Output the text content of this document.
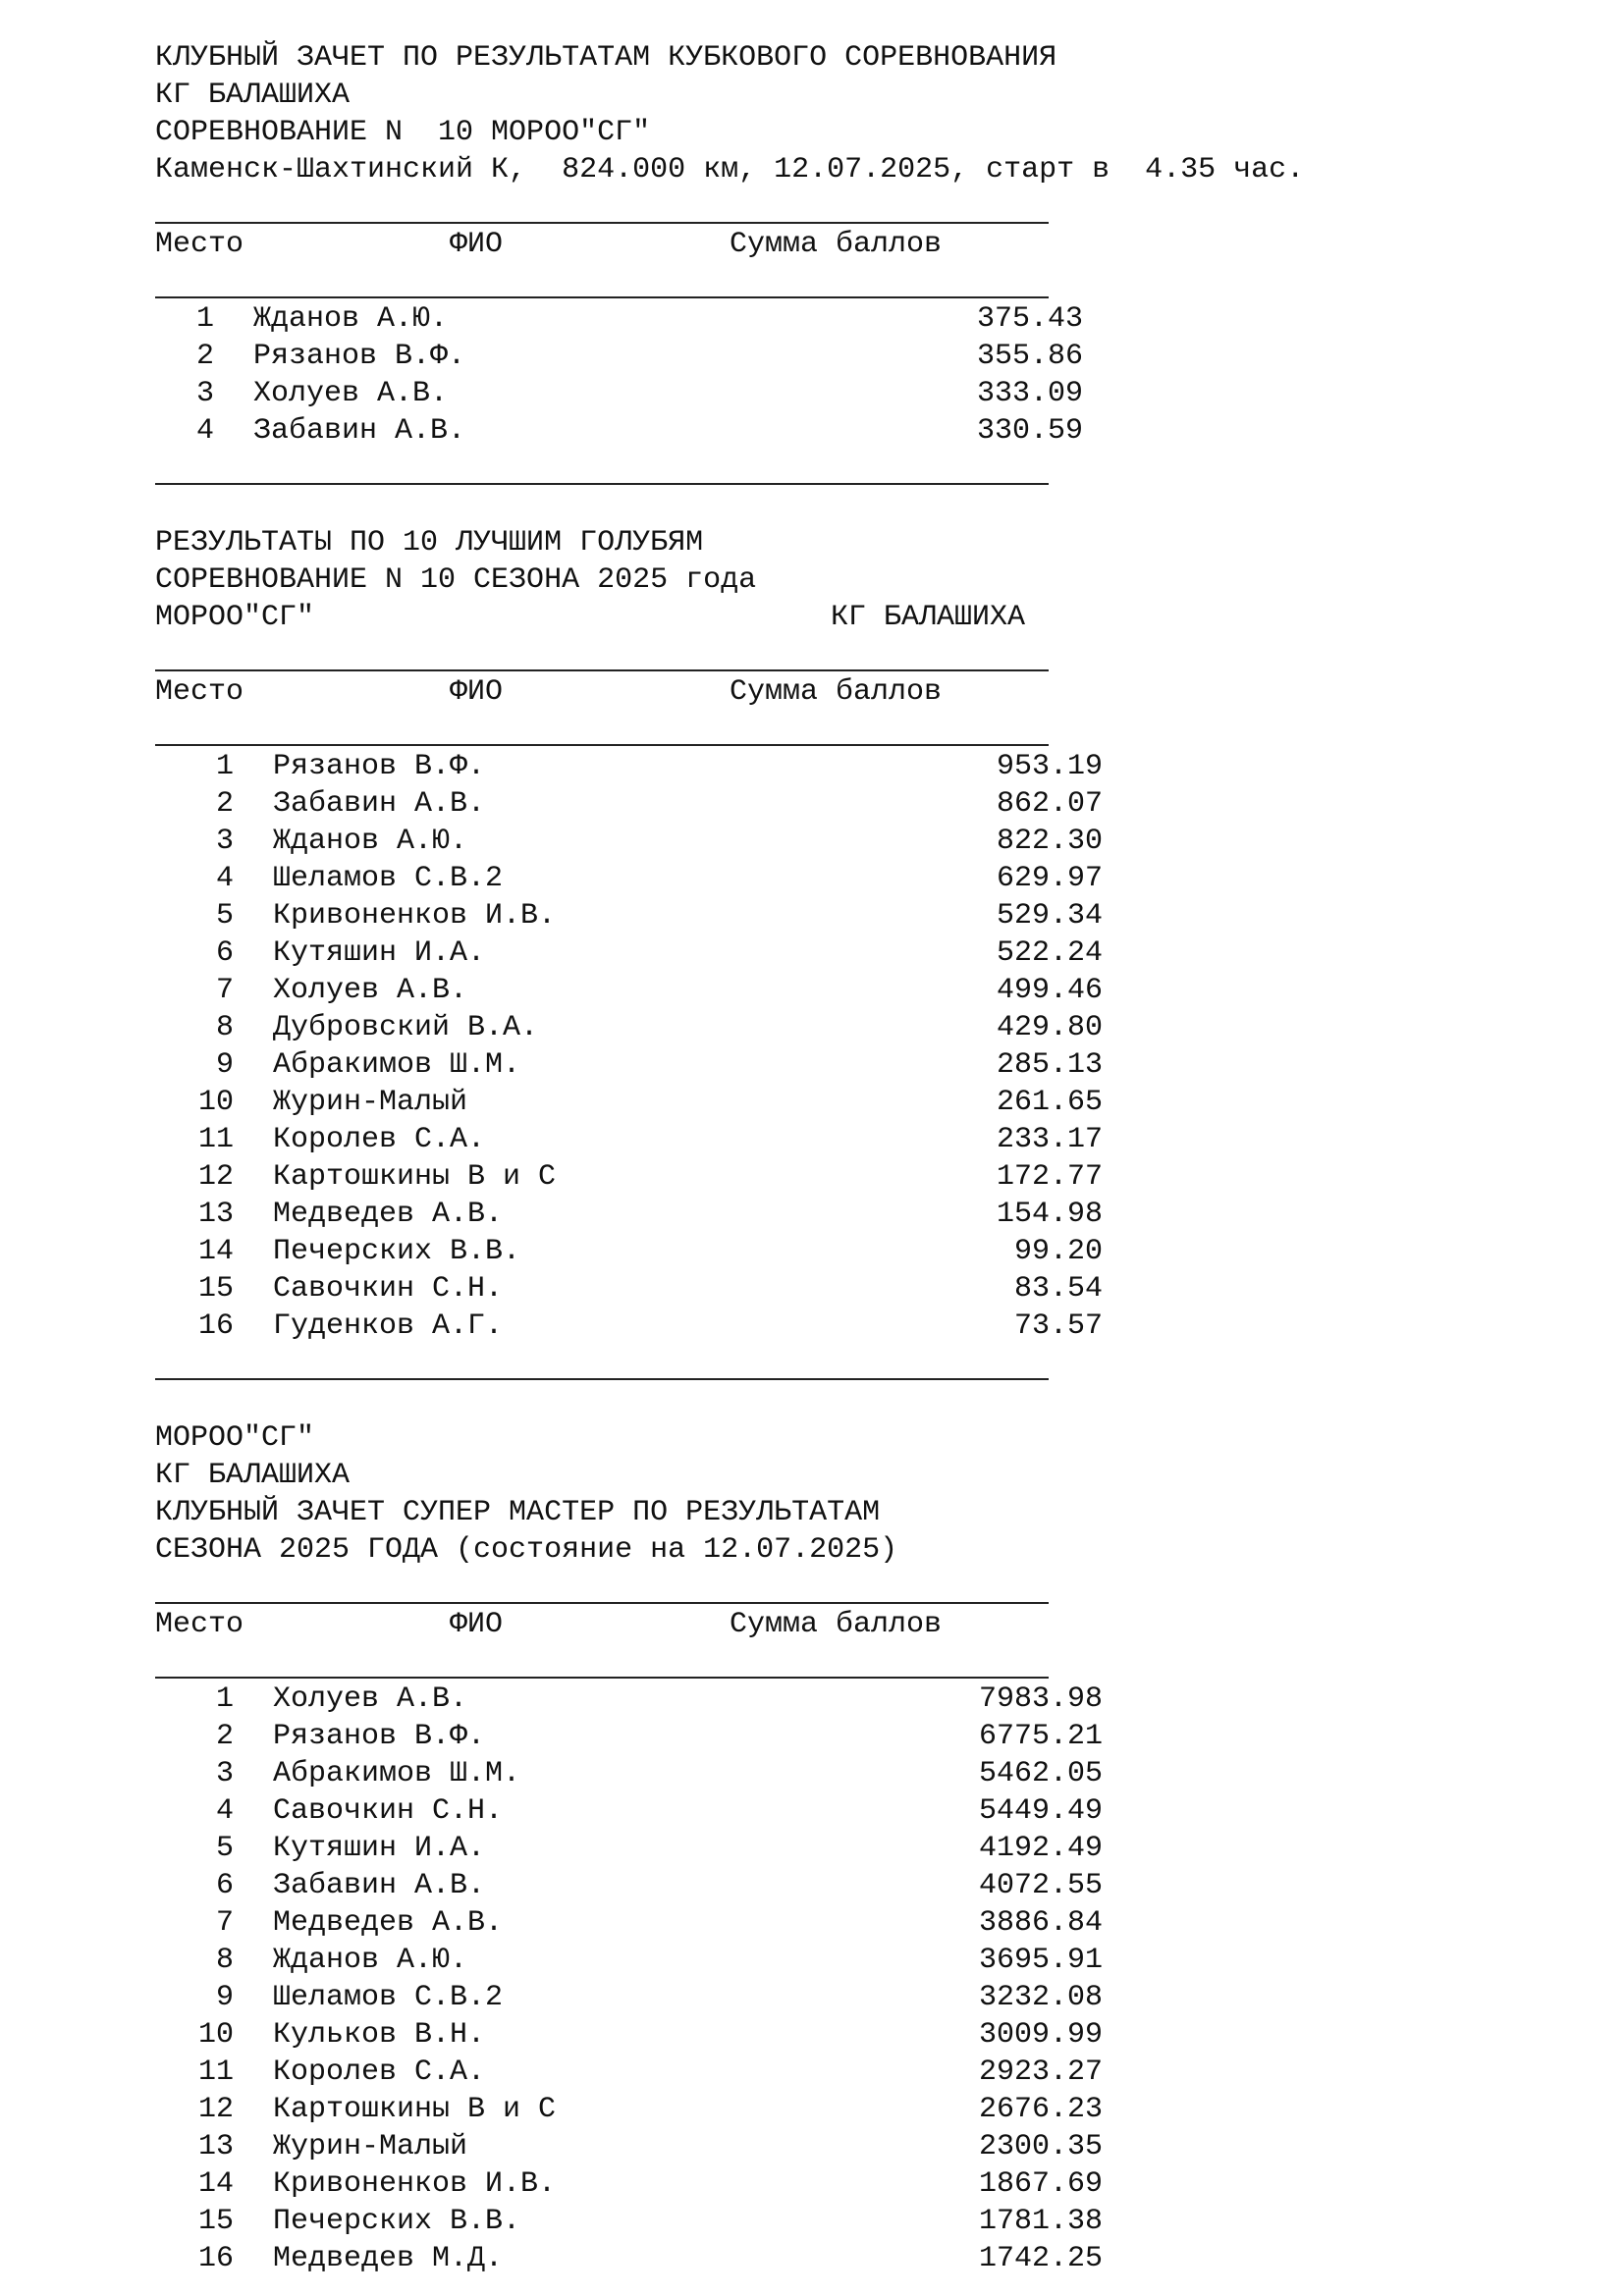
КЛУБНЫЙ ЗАЧЕТ ПО РЕЗУЛЬТАТАМ КУБКОВОГО СОРЕВНОВАНИЯ
КГ БАЛАШИХА
СОРЕВНОВАНИЕ N  10 МОРОО"СГ"
Каменск-Шахтинский К,  824.000 км, 12.07.2025, старт в  4.35 час.
Место	ФИО	Сумма баллов
1 Жданов А.Ю.	375.43
2 Рязанов В.Ф.	355.86
3 Холуев А.В.	333.09
4 Забавин А.В.	330.59
РЕЗУЛЬТАТЫ ПО 10 ЛУЧШИМ ГОЛУБЯМ
СОРЕВНОВАНИЕ N 10 СЕЗОНА 2025 года
МОРОО"СГ"	КГ БАЛАШИХА
Место	ФИО	Сумма баллов
1 Рязанов В.Ф.	953.19
2 Забавин А.В.	862.07
3 Жданов А.Ю.	822.30
4 Шеламов С.В.2	629.97
5 Кривоненков И.В.	529.34
6 Кутяшин И.А.	522.24
7 Холуев А.В.	499.46
8 Дубровский В.А.	429.80
9 Абракимов Ш.М.	285.13
10 Журин-Малый	261.65
11 Королев С.А.	233.17
12 Картошкины В и С	172.77
13 Медведев А.В.	154.98
14 Печерских В.В.	99.20
15 Савочкин С.Н.	83.54
16 Гуденков А.Г.	73.57
МОРОО"СГ"
КГ БАЛАШИХА
КЛУБНЫЙ ЗАЧЕТ СУПЕР МАСТЕР ПО РЕЗУЛЬТАТАМ
СЕЗОНА 2025 ГОДА (состояние на 12.07.2025)
Место	ФИО	Сумма баллов
1 Холуев А.В.	7983.98
2 Рязанов В.Ф.	6775.21
3 Абракимов Ш.М.	5462.05
4 Савочкин С.Н.	5449.49
5 Кутяшин И.А.	4192.49
6 Забавин А.В.	4072.55
7 Медведев А.В.	3886.84
8 Жданов А.Ю.	3695.91
9 Шеламов С.В.2	3232.08
10 Кульков В.Н.	3009.99
11 Королев С.А.	2923.27
12 Картошкины В и С	2676.23
13 Журин-Малый	2300.35
14 Кривоненков И.В.	1867.69
15 Печерских В.В.	1781.38
16 Медведев М.Д.	1742.25
